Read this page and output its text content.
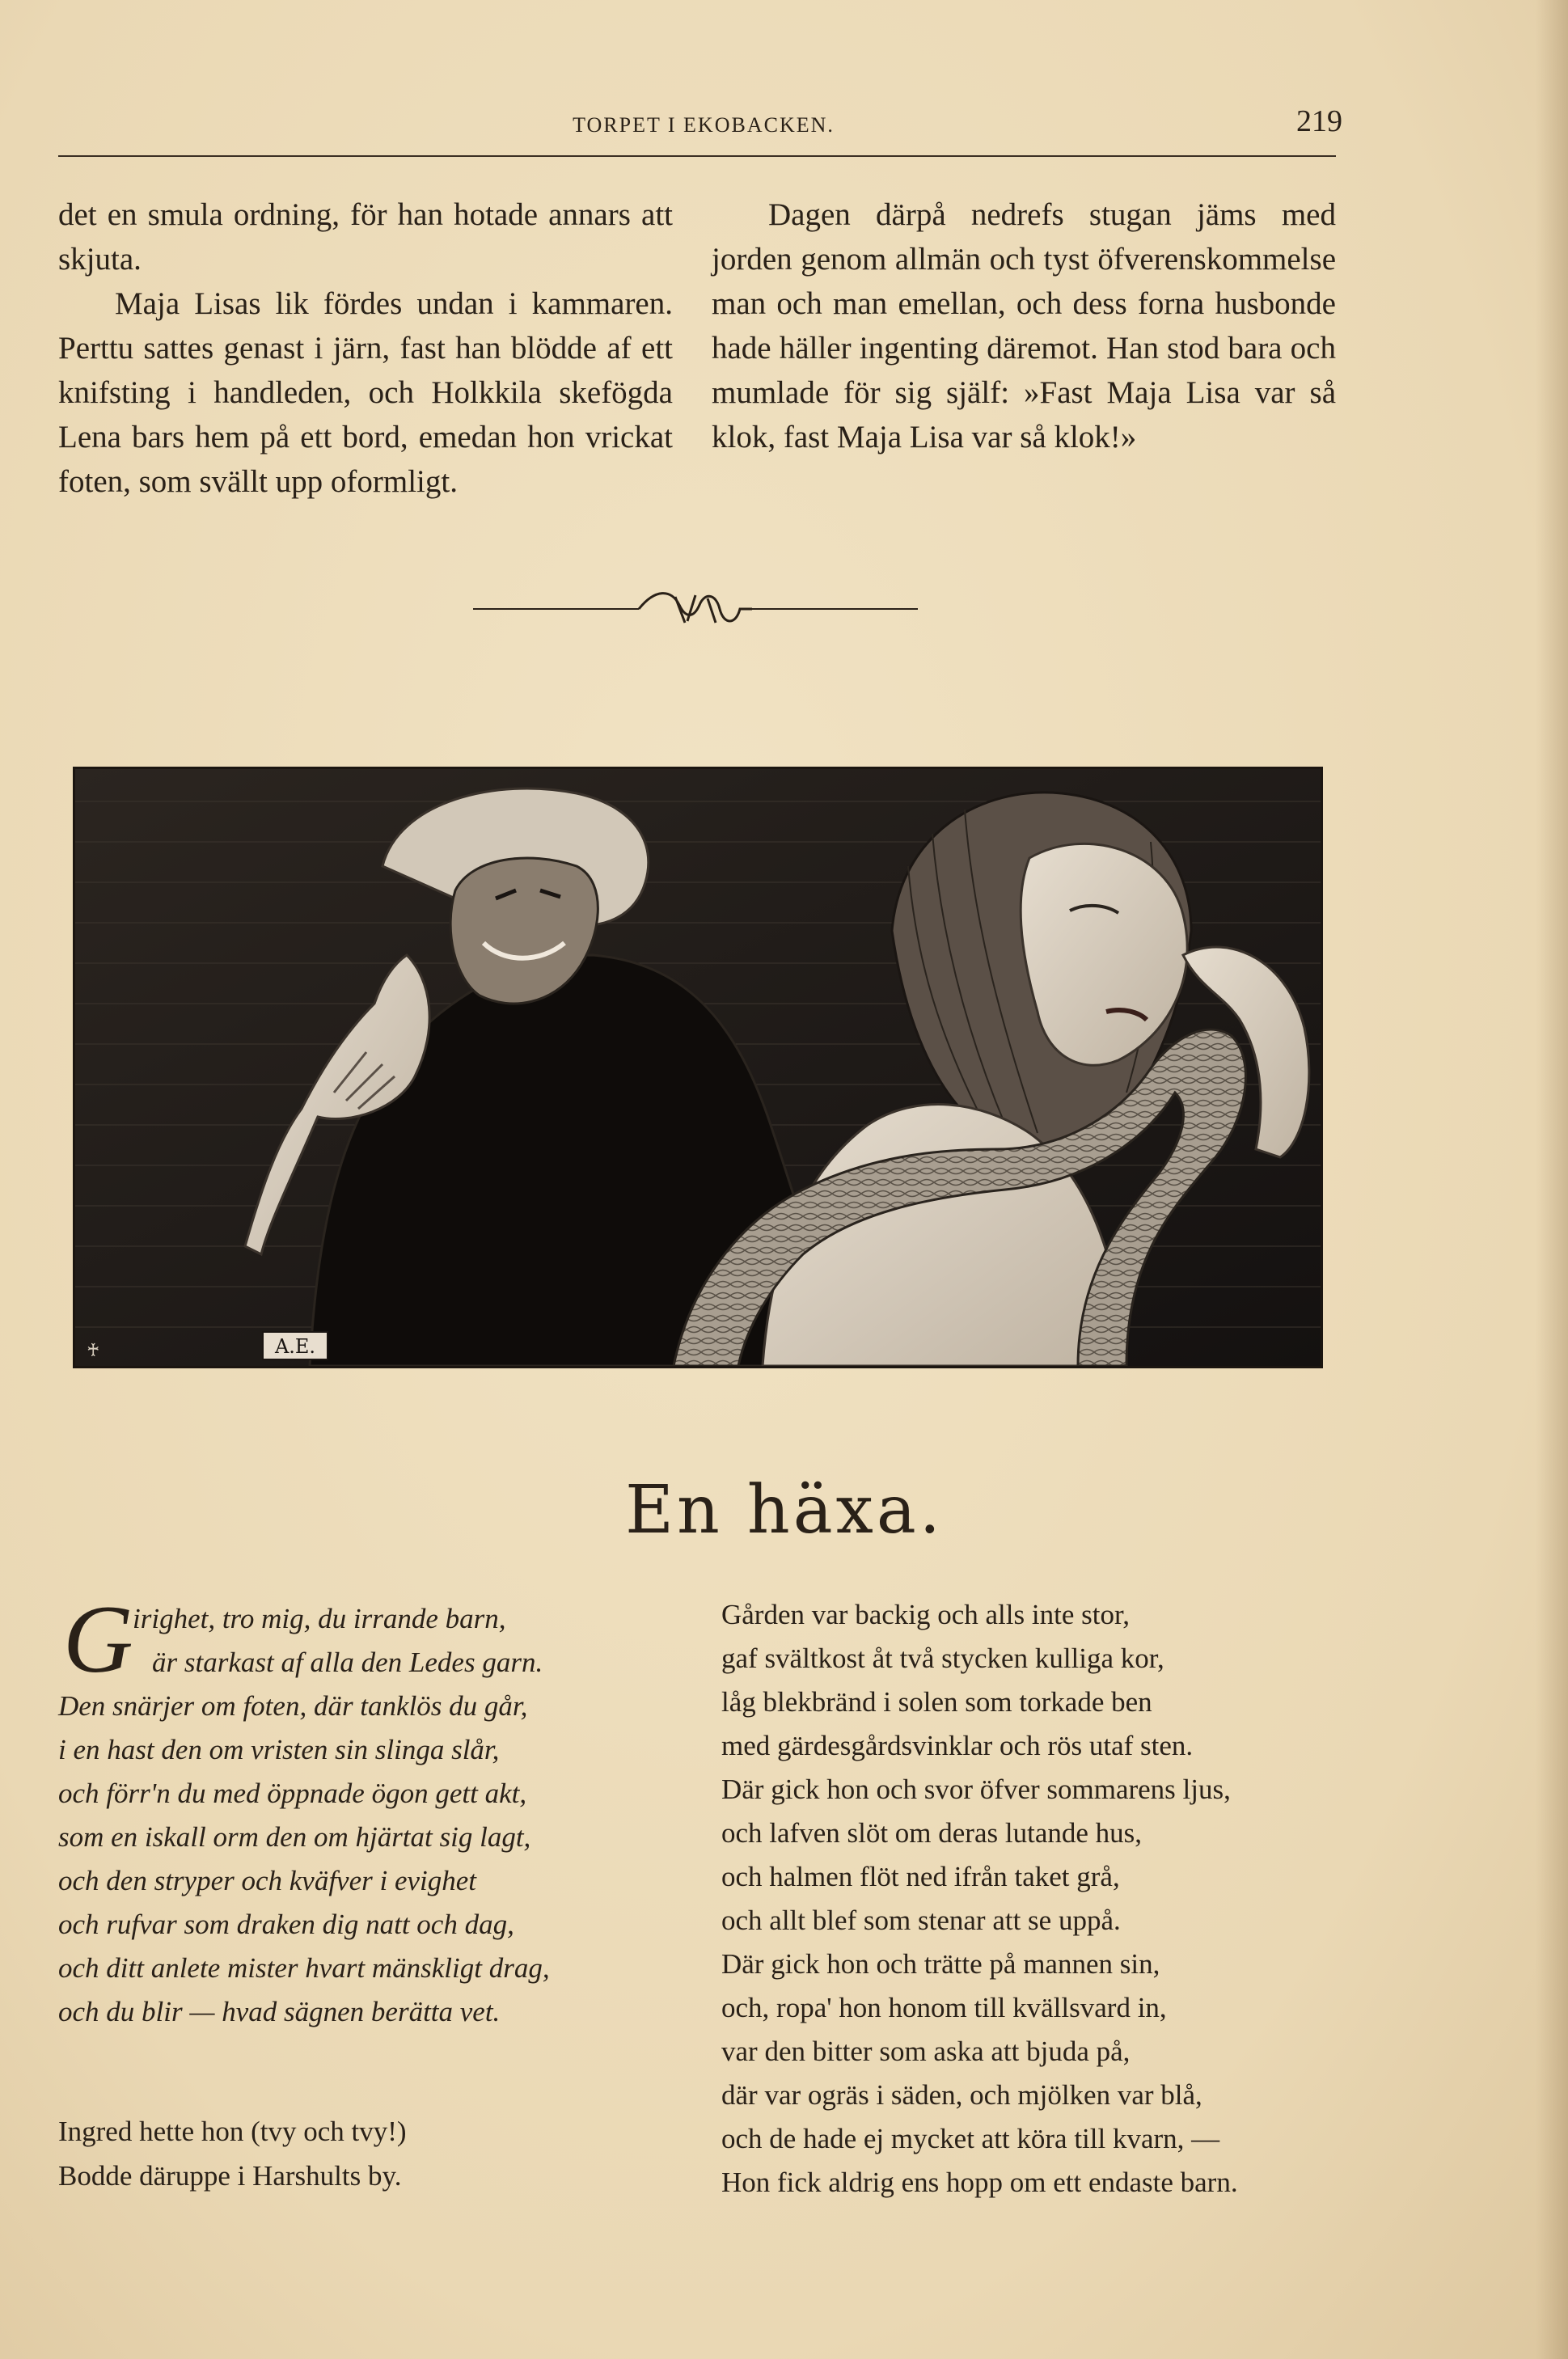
TORPET I EKOBACKEN.	219

det en smula ordning, för han hotade annars att skjuta.

Maja Lisas lik fördes undan i kammaren. Perttu sattes genast i järn, fast han blödde af ett knifsting i handleden, och Holkkila skefögda Lena bars hem på ett bord, emedan hon vrickat foten, som svällt upp oformligt.

Dagen därpå nedrefs stugan jäms med jorden genom allmän och tyst öfverenskommelse man och man emellan, och dess forna husbonde hade häller ingenting däremot. Han stod bara och mumlade för sig själf: »Fast Maja Lisa var så klok, fast Maja Lisa var så klok!»

♰	A.E.
En häxa.
G irighet, tro mig, du irrande barn,
är starkast af alla den Ledes garn.
Den snärjer om foten, där tanklös du går,
i en hast den om vristen sin slinga slår,
och förr'n du med öppnade ögon gett akt,
som en iskall orm den om hjärtat sig lagt,
och den stryper och kväfver i evighet
och rufvar som draken dig natt och dag,
och ditt anlete mister hvart mänskligt drag,
och du blir — hvad sägnen berätta vet.
Ingred hette hon (tvy och tvy!)
Bodde däruppe i Harshults by.
Gården var backig och alls inte stor,
gaf svältkost åt två stycken kulliga kor,
låg blekbränd i solen som torkade ben
med gärdesgårdsvinklar och rös utaf sten.
Där gick hon och svor öfver sommarens ljus,
och lafven slöt om deras lutande hus,
och halmen flöt ned ifrån taket grå,
och allt blef som stenar att se uppå.
Där gick hon och trätte på mannen sin,
och, ropa' hon honom till kvällsvard in,
var den bitter som aska att bjuda på,
där var ogräs i säden, och mjölken var blå,
och de hade ej mycket att köra till kvarn, —
Hon fick aldrig ens hopp om ett endaste barn.
